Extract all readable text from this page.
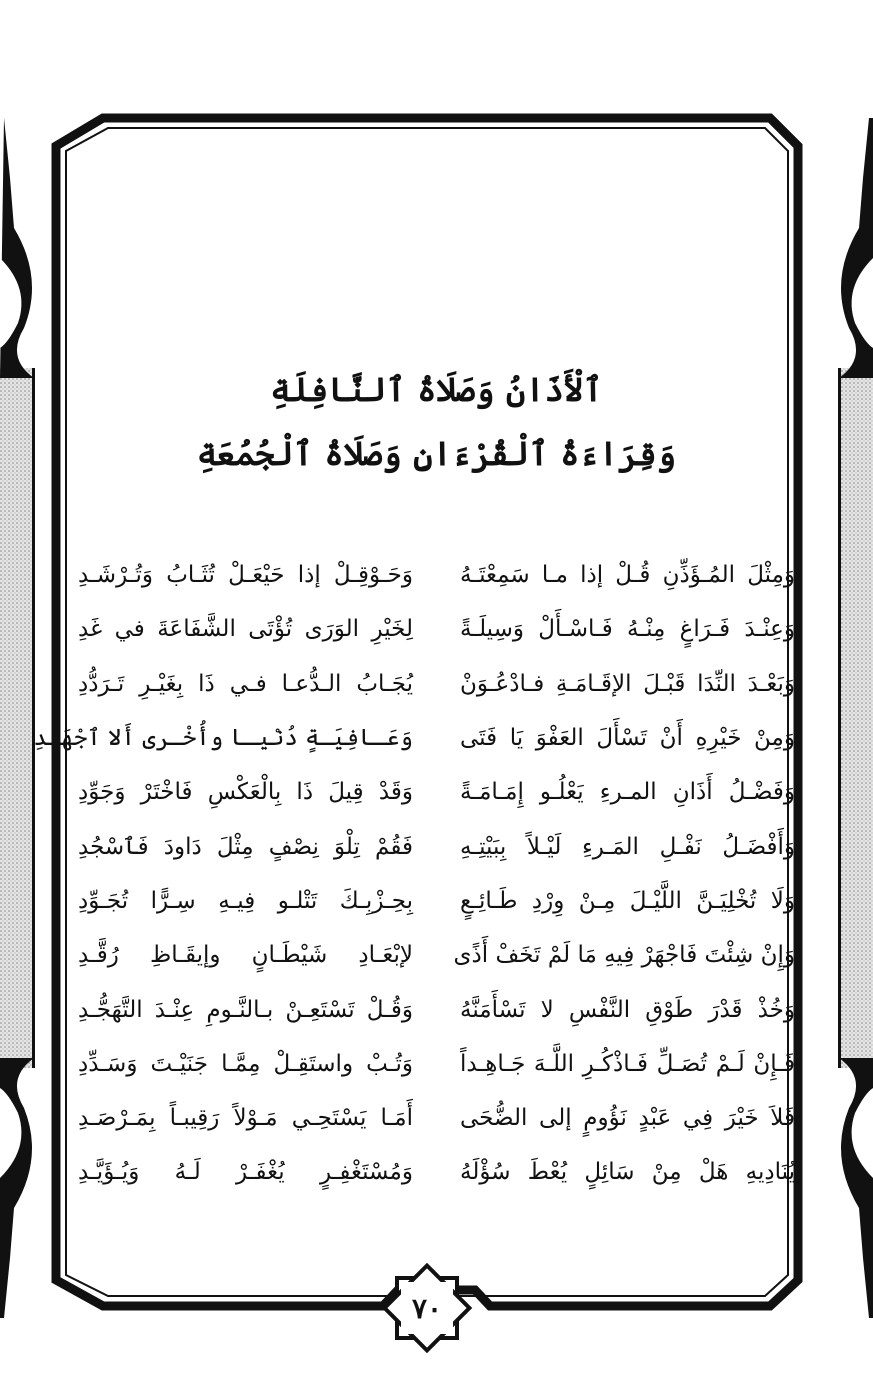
ٱلْأَذَانُ وَصَلَاةُ ٱلنَّافِلَةِ
وَقِرَاءَةُ ٱلْقُرْءَانِ وَصَلَاةُ ٱلْجُمُعَةِ
وَمِثْلَ المُـؤَذِّنِ قُـلْ إذا مـا سَمِعْتَـهُ
وَحَـوْقِـلْ إذا حَيْعَـلْ تُثَـابُ وَتُـرْشَـدِ
وَعِنْـدَ فَـرَاغٍ مِنْـهُ فَـاسْـأَلْ وَسِيلَـةً
لِخَيْرِ الوَرَى تُؤْتَى الشَّفَاعَةَ في غَدِ
وَبَعْـدَ النِّدَا قَبْـلَ الإقَـامَـةِ فـادْعُـوَنْ
يُجَـابُ الـدُّعـا فـي ذَا بِغَيْـرِ تَـرَدُّدِ
وَمِنْ خَيْرِهِ أَنْ تَسْأَلَ العَفْوَ يَا فَتَى
وَعَـافِيَـةٍ دُنْيـا وأُخْـرى أَلا ٱجْهَـدِ
وَفَضْـلُ أَذَانِ المـرءِ يَعْلُـو إِمَـامَـةً
وَقَدْ قِيلَ ذَا بِالْعَكْسِ فَاخْتَرْ وَجَوِّدِ
وَأَفْضَـلُ نَفْـلِ المَـرءِ لَيْـلاً بِبَيْتِـهِ
فَقُمْ تِلْوَ نِصْفٍ مِثْلَ دَاودَ فَٱسْجُدِ
وَلَا تُخْلِيَـنَّ اللَّيْـلَ مِـنْ وِرْدِ طَـائِـعٍ
بِحِـزْبِـكَ تَتْلـو فِيـهِ سِـرًّا تُجَـوِّدِ
وَإِنْ شِئْتَ فَاجْهَرْ فِيهِ مَا لَمْ تَخَفْ أَذًى
لإبْعَـادِ شَيْطَـانٍ وإيقَـاظِ رُقَّـدِ
وَخُذْ قَدْرَ طَوْقِ النَّفْسِ لا تَسْأَمَنَّهُ
وَقُـلْ تَسْتَعِـنْ بـالنَّـومِ عِنْـدَ التَّهَجُّـدِ
فَـإِنْ لَـمْ تُصَـلِّ فَـاذْكُـرِ اللَّـهَ جَـاهِـداً
وَتُـبْ واستَقِـلْ مِمَّـا جَنَيْـتَ وَسَـدِّدِ
فَلاَ خَيْرَ فِي عَبْدٍ نَؤُومٍ إلى الضُّحَى
أَمَـا يَسْتَحِـي مَـوْلاً رَقِيبـاً بِمَـرْصَـدِ
يُنَادِيهِ هَلْ مِنْ سَائِلٍ يُعْطَ سُؤْلَهُ
وَمُسْتَغْفِـرٍ يُغْفَـرْ لَـهُ وَيُـؤَيَّـدِ
٧٠
